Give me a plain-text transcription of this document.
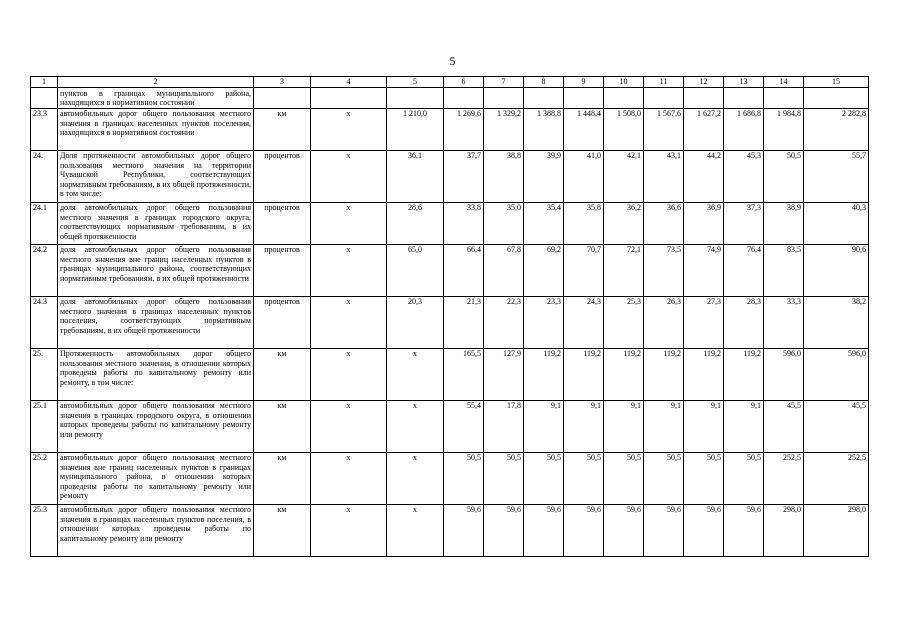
5
1	2	3	4	5	6	7	8	9	10	11	12	13	14	15
	пунктов в границах муниципального района, находящихся в нормативном состоянии													
23.3	автомобильных дорог общего пользования местного значения в границах населенных пунктов поселения, находящихся в нормативном состоянии	км	х	1 210,0	1 269,6	1 329,2	1 388,8	1 448,4	1 508,0	1 567,6	1 627,2	1 686,8	1 984,8	2 282,8
24.	Доля протяженности автомобильных дорог общего пользования местного значения на территории Чувашской Республики, соответствующих нормативным требованиям, в их общей протяженности, в том числе:	процентов	х	36,1	37,7	38,8	39,9	41,0	42,1	43,1	44,2	45,3	50,5	55,7
24.1	доля автомобильных дорог общего пользования местного значения в границах городского округа, соответствующих нормативным требованиям, в их общей протяженности	процентов	х	28,6	33,8	35,0	35,4	35,8	36,2	36,6	36,9	37,3	38,9	40,3
24.2	доля автомобильных дорог общего пользования местного значения вне границ населенных пунктов в границах муниципального района, соответствующих нормативным требованиям, в их общей протяженности	процентов	х	65,0	66,4	67,8	69,2	70,7	72,1	73,5	74,9	76,4	83,5	90,6
24.3	доля автомобильных дорог общего пользования местного значения в границах населенных пунктов поселения, соответствующих нормативным требованиям, в их общей протяженности	процентов	х	20,3	21,3	22,3	23,3	24,3	25,3	26,3	27,3	28,3	33,3	38,2
25.	Протяженность автомобильных дорог общего пользования местного значения, в отношении которых проведены работы по капитальному ремонту или ремонту, в том числе:	км	х	х	165,5	127,9	119,2	119,2	119,2	119,2	119,2	119,2	596,0	596,0
25.1	автомобильных дорог общего пользования местного значения в границах городского округа, в отношении которых проведены работы по капитальному ремонту или ремонту	км	х	х	55,4	17,8	9,1	9,1	9,1	9,1	9,1	9,1	45,5	45,5
25.2	автомобильных дорог общего пользования местного значения вне границ населенных пунктов в границах муниципального района, в отношении которых проведены работы по капитальному ремонту или ремонту	км	х	х	50,5	50,5	50,5	50,5	50,5	50,5	50,5	50,5	252,5	252,5
25.3	автомобильных дорог общего пользования местного значения в границах населенных пунктов поселения, в отношении которых проведены работы по капитальному ремонту или ремонту	км	х	х	59,6	59,6	59,6	59,6	59,6	59,6	59,6	59,6	298,0	298,0
